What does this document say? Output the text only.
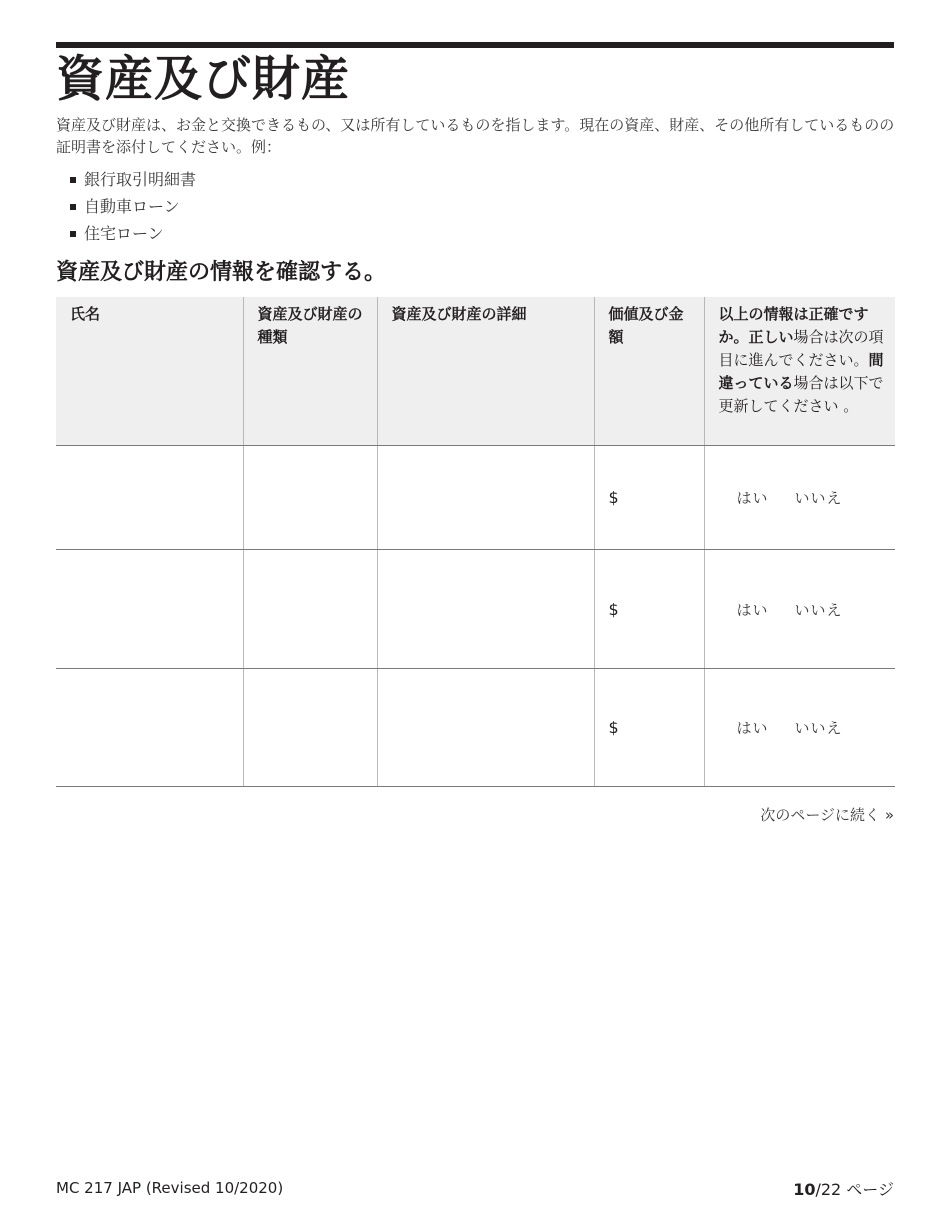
資産及び財産

資産及び財産は、お金と交換できるもの、又は所有しているものを指します。現在の資産、財産、その他所有しているものの証明書を添付してください。例：

銀行取引明細書
自動車ローン
住宅ローン
資産及び財産の情報を確認する。
氏名	資産及び財産の種類	資産及び財産の詳細	価値及び金額	以上の情報は正確ですか。正しい場合は次の項目に進んでください。間違っている場合は以下で更新してください 。
			$	はい いいえ
			$	はい いいえ
			$	はい いいえ
次のページに続く »
MC 217 JAP (Revised 10/2020)	10/22 ページ
